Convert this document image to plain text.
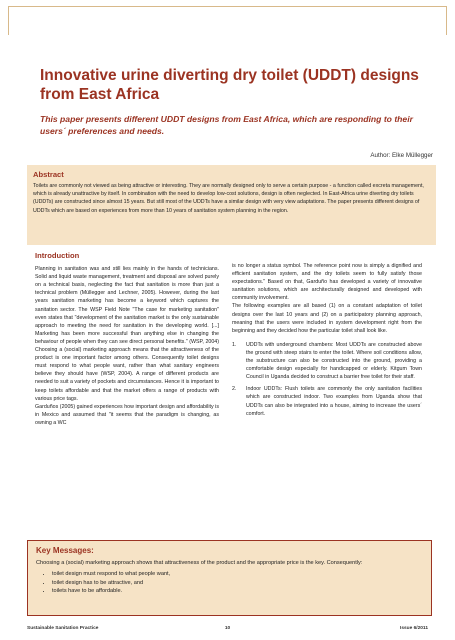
Innovative urine diverting dry toilet (UDDT) designs from East Africa
This paper presents different UDDT designs from East Africa, which are responding to their users´ preferences and needs.
Author: Elke Müllegger
Abstract
Toilets are commonly not viewed as being attractive or interesting. They are normally designed only to serve a certain purpose - a function called excreta management, which is already unattractive by itself. In combination with the need to develop low-cost solutions, design is often neglected. In East-Africa urine diverting dry toilets (UDDTs) are constructed since almost 15 years. But still most of the UDDTs have a similar design with very view adaptations. The paper presents different designs of UDDTs which are based on experiences from more than 10 years of sanitation system planning in the region.
Introduction

Planning in sanitation was and still lies mainly in the hands of technicians. Solid and liquid waste management, treatment and disposal are solved purely on a technical basis, neglecting the fact that sanitation is more than just a technical problem (Müllegger and Lechner, 2005). However, during the last years sanitation marketing has become a keyword which captures the sanitation sector. The WSP Field Note "The case for marketing sanitation" even states that "development of the sanitation market is the only sustainable approach to meeting the need for sanitation in the developing world. [...] Marketing has been more successful than anything else in changing the behaviour of people when they can see direct personal benefits." (WSP, 2004) Choosing a (social) marketing approach means that the attractiveness of the product is one important factor among others. Consequently toilet designs must respond to what people want, rather than what sanitary engineers believe they should have (WSP, 2004). A range of different products are needed to suit a variety of pockets and circumstances. Hence it is important to keep toilets affordable and that the market offers a range of products with various price tags.

Garduños (2005) gained experiences how important design and affordability is in Mexico and assumed that "it seems that the paradigm is changing, as owning a WC

is no longer a status symbol. The reference point now is simply a dignified and efficient sanitation system, and the dry toilets seem to fully satisfy those expectations." Based on that, Garduño has developed a variety of innovative sanitation solutions, which are architecturally designed and developed with community involvement.

The following examples are all based (1) on a constant adaptation of toilet designs over the last 10 years and (2) on a participatory planning approach, meaning that the users were included in system development right from the beginning and they decided how the particular toilet shall look like.

1. UDDTs with underground chambers: Most UDDTs are constructed above the ground with steep stairs to enter the toilet. Where soil conditions allow, the substructure can also be constructed into the ground, providing a comfortable design especially for handicapped or elderly. Kitgum Town Council in Uganda decided to construct a barrier free toilet for their staff.
2. Indoor UDDTs: Flush toilets are commonly the only sanitation facilities which are constructed indoor. Two examples from Uganda show that UDDTs can also be integrated into a house, aiming to increase the users´ comfort.
Key Messages:
Choosing a (social) marketing approach shows that attractiveness of the product and the appropriate price is the key. Consequently:
• toilet design must respond to what people want,
• toilet design has to be attractive, and
• toilets have to be affordable.
Sustainable Sanitation Practice	10	Issue 6/2011
